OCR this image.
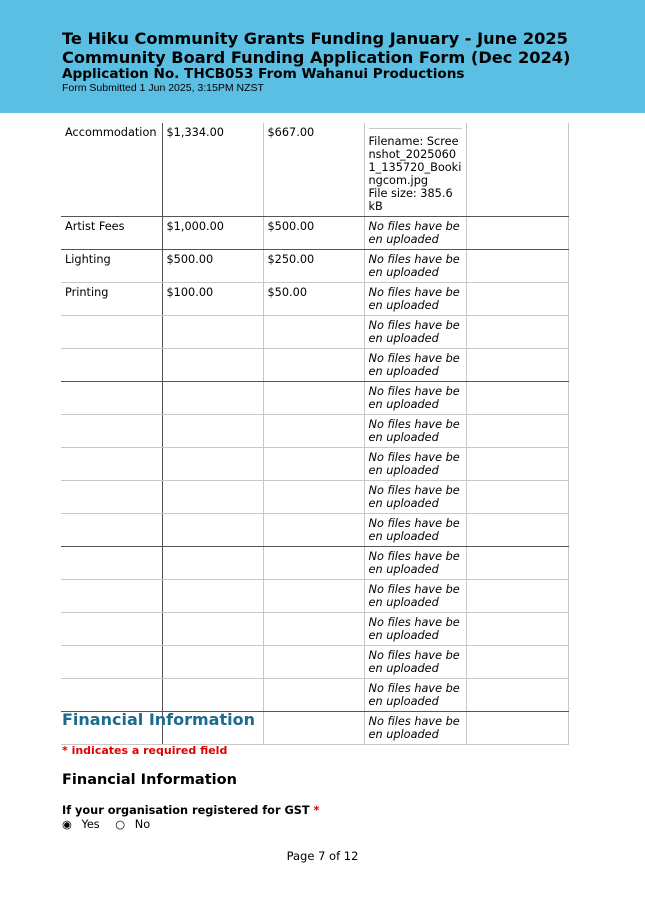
Te Hiku Community Grants Funding January - June 2025
Community Board Funding Application Form (Dec 2024)
Application No. THCB053 From Wahanui Productions
Form Submitted 1 Jun 2025, 3:15PM NZST
Accommodation	$1,334.00	$667.00	Filename: Screenshot_20250601_135720_Bookingcom.jpg
File size: 385.6 kB	

Artist Fees	$1,000.00	$500.00	No files have been uploaded	
Lighting	$500.00	$250.00	No files have been uploaded	
Printing	$100.00	$50.00	No files have been uploaded	
			No files have been uploaded	
			No files have been uploaded	
			No files have been uploaded	
			No files have been uploaded	
			No files have been uploaded	
			No files have been uploaded	
			No files have been uploaded	
			No files have been uploaded	
			No files have been uploaded	
			No files have been uploaded	
			No files have been uploaded	
			No files have been uploaded	
			No files have been uploaded	
Financial Information
* indicates a required field
Financial Information
If your organisation registered for GST *
◉ Yes ○ No
Page 7 of 12
